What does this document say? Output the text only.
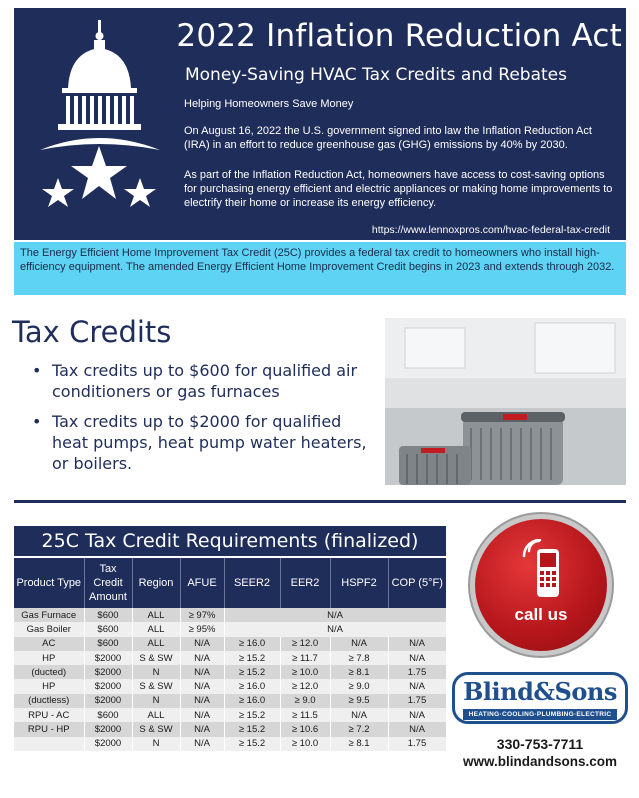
2022 Inflation Reduction Act
Money-Saving HVAC Tax Credits and Rebates
Helping Homeowners Save Money
On August 16, 2022 the U.S. government signed into law the Inflation Reduction Act (IRA) in an effort to reduce greenhouse gas (GHG) emissions by 40% by 2030.
As part of the Inflation Reduction Act, homeowners have access to cost-saving options for purchasing energy efficient and electric appliances or making home improvements to electrify their home or increase its energy efficiency.
https://www.lennoxpros.com/hvac-federal-tax-credit
The Energy Efficient Home Improvement Tax Credit (25C) provides a federal tax credit to homeowners who install high-efficiency equipment. The amended Energy Efficient Home Improvement Credit begins in 2023 and extends through 2032.
Tax Credits
• Tax credits up to $600 for qualified air conditioners or gas furnaces
• Tax credits up to $2000 for qualified heat pumps, heat pump water heaters, or boilers.
25C Tax Credit Requirements (finalized)
Product Type	Tax Credit Amount	Region	AFUE	SEER2	EER2	HSPF2	COP (5°F)
Gas Furnace	$600	ALL	≥ 97%	N/A			
Gas Boiler	$600	ALL	≥ 95%	N/A			
AC	$600	ALL	N/A	≥ 16.0	≥ 12.0	N/A	N/A
HP	$2000	S & SW	N/A	≥ 15.2	≥ 11.7	≥ 7.8	N/A
(ducted)	$2000	N	N/A	≥ 15.2	≥ 10.0	≥ 8.1	1.75
HP	$2000	S & SW	N/A	≥ 16.0	≥ 12.0	≥ 9.0	N/A
(ductless)	$2000	N	N/A	≥ 16.0	≥ 9.0	≥ 9.5	1.75
RPU - AC	$600	ALL	N/A	≥ 15.2	≥ 11.5	N/A	N/A
RPU - HP	$2000	S & SW	N/A	≥ 15.2	≥ 10.6	≥ 7.2	N/A
	$2000	N	N/A	≥ 15.2	≥ 10.0	≥ 8.1	1.75
call us
Blind&Sons
HEATING·COOLING·PLUMBING·ELECTRIC
330-753-7711
www.blindandsons.com
